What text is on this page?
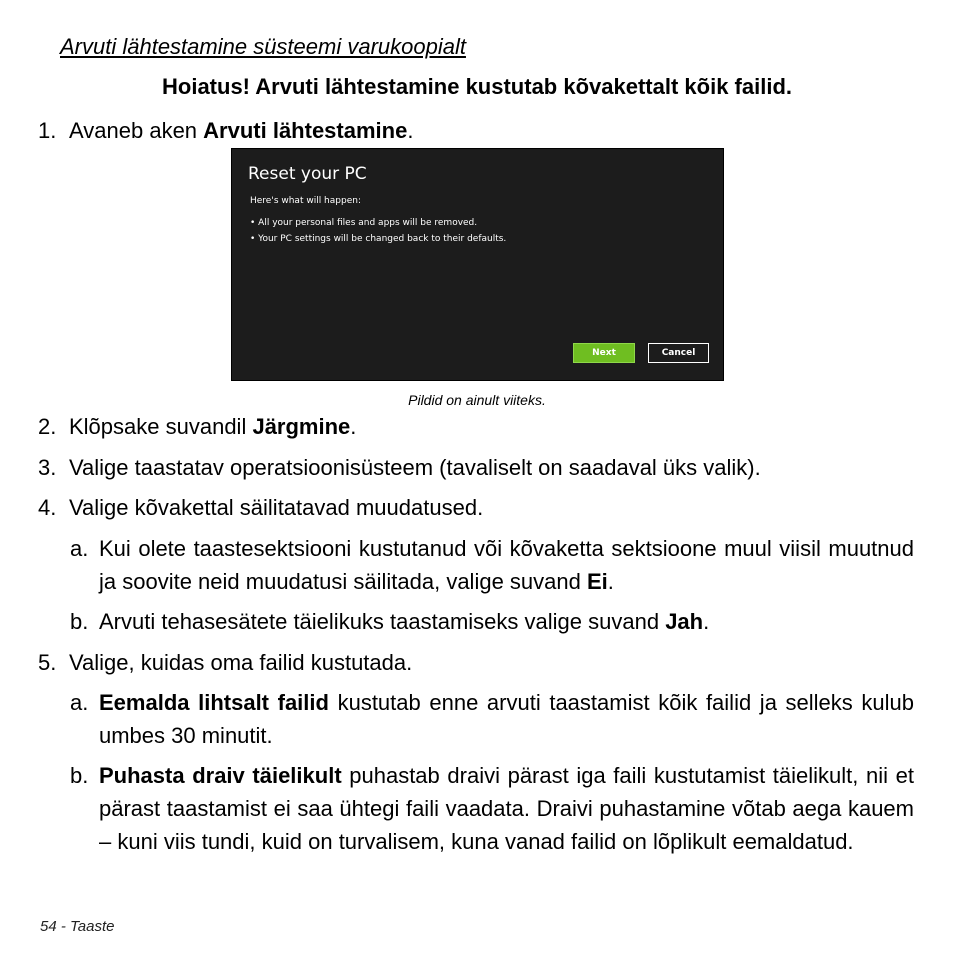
Arvuti lähtestamine süsteemi varukoopialt
Hoiatus! Arvuti lähtestamine kustutab kõvakettalt kõik failid.
1. Avaneb aken Arvuti lähtestamine.
Reset your PC
Here's what will happen:
• All your personal files and apps will be removed.
• Your PC settings will be changed back to their defaults.
Next	Cancel
Pildid on ainult viiteks.
2. Klõpsake suvandil Järgmine.
3. Valige taastatav operatsioonisüsteem (tavaliselt on saadaval üks valik).
4. Valige kõvakettal säilitatavad muudatused.
a. Kui olete taastesektsiooni kustutanud või kõvaketta sektsioone muul viisil muutnud ja soovite neid muudatusi säilitada, valige suvand Ei.
b. Arvuti tehasesätete täielikuks taastamiseks valige suvand Jah.
5. Valige, kuidas oma failid kustutada.
a. Eemalda lihtsalt failid kustutab enne arvuti taastamist kõik failid ja selleks kulub umbes 30 minutit.
b. Puhasta draiv täielikult puhastab draivi pärast iga faili kustutamist täielikult, nii et pärast taastamist ei saa ühtegi faili vaadata. Draivi puhastamine võtab aega kauem – kuni viis tundi, kuid on turvalisem, kuna vanad failid on lõplikult eemaldatud.
54 - Taaste
